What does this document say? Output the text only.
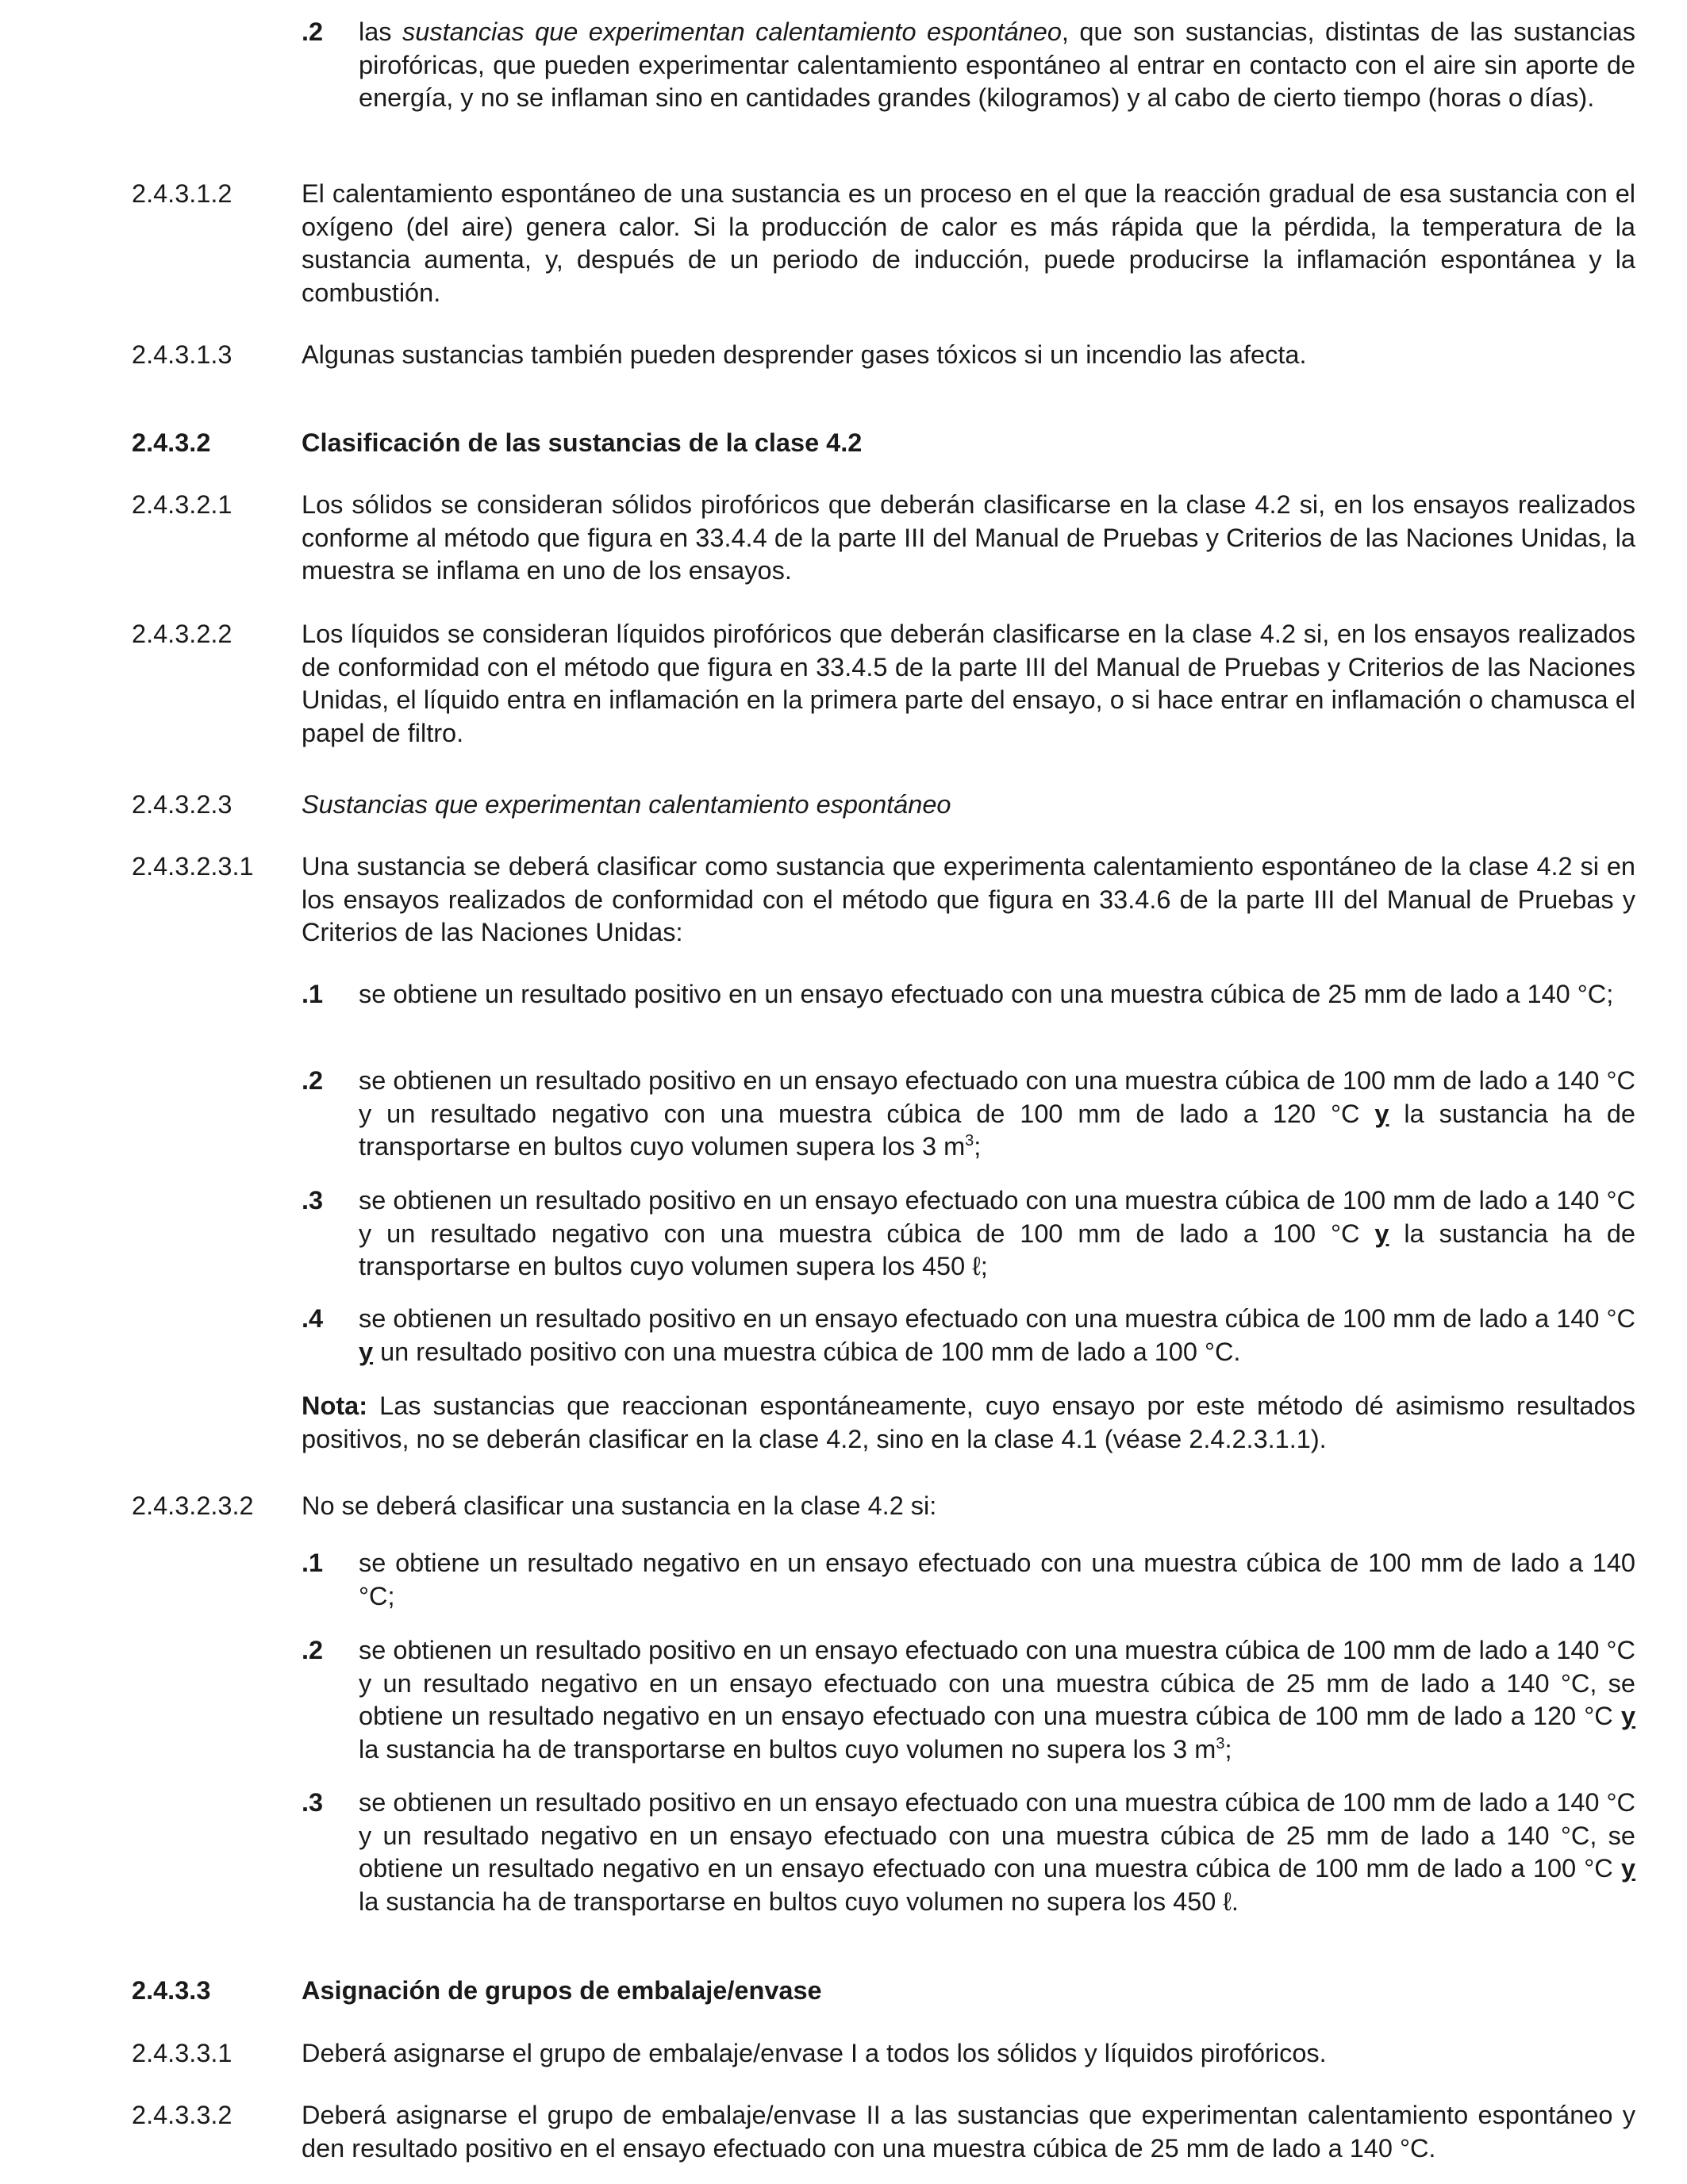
.2 las sustancias que experimentan calentamiento espontáneo, que son sustancias, distintas de las sustancias pirofóricas, que pueden experimentar calentamiento espontáneo al entrar en contacto con el aire sin aporte de energía, y no se inflaman sino en cantidades grandes (kilogramos) y al cabo de cierto tiempo (horas o días).
2.4.3.1.2	El calentamiento espontáneo de una sustancia es un proceso en el que la reacción gradual de esa sustancia con el oxígeno (del aire) genera calor. Si la producción de calor es más rápida que la pérdida, la temperatura de la sustancia aumenta, y, después de un periodo de inducción, puede producirse la inflamación espontánea y la combustión.
2.4.3.1.3	Algunas sustancias también pueden desprender gases tóxicos si un incendio las afecta.
2.4.3.2	Clasificación de las sustancias de la clase 4.2
2.4.3.2.1	Los sólidos se consideran sólidos pirofóricos que deberán clasificarse en la clase 4.2 si, en los ensayos realizados conforme al método que figura en 33.4.4 de la parte III del Manual de Pruebas y Criterios de las Naciones Unidas, la muestra se inflama en uno de los ensayos.
2.4.3.2.2	Los líquidos se consideran líquidos pirofóricos que deberán clasificarse en la clase 4.2 si, en los ensayos realizados de conformidad con el método que figura en 33.4.5 de la parte III del Manual de Pruebas y Criterios de las Naciones Unidas, el líquido entra en inflamación en la primera parte del ensayo, o si hace entrar en inflamación o chamusca el papel de filtro.
2.4.3.2.3	Sustancias que experimentan calentamiento espontáneo
2.4.3.2.3.1 Una sustancia se deberá clasificar como sustancia que experimenta calentamiento espontáneo de la clase 4.2 si en los ensayos realizados de conformidad con el método que figura en 33.4.6 de la parte III del Manual de Pruebas y Criterios de las Naciones Unidas:
.1 se obtiene un resultado positivo en un ensayo efectuado con una muestra cúbica de 25 mm de lado a 140 °C;
.2 se obtienen un resultado positivo en un ensayo efectuado con una muestra cúbica de 100 mm de lado a 140 °C y un resultado negativo con una muestra cúbica de 100 mm de lado a 120 °C y la sustancia ha de transportarse en bultos cuyo volumen supera los 3 $m^3$;
.3 se obtienen un resultado positivo en un ensayo efectuado con una muestra cúbica de 100 mm de lado a 140 °C y un resultado negativo con una muestra cúbica de 100 mm de lado a 100 °C y la sustancia ha de transportarse en bultos cuyo volumen supera los 450 ℓ;
.4 se obtienen un resultado positivo en un ensayo efectuado con una muestra cúbica de 100 mm de lado a 140 °C y un resultado positivo con una muestra cúbica de 100 mm de lado a 100 °C.
Nota: Las sustancias que reaccionan espontáneamente, cuyo ensayo por este método dé asimismo resultados positivos, no se deberán clasificar en la clase 4.2, sino en la clase 4.1 (véase 2.4.2.3.1.1).
2.4.3.2.3.2 No se deberá clasificar una sustancia en la clase 4.2 si:
.1 se obtiene un resultado negativo en un ensayo efectuado con una muestra cúbica de 100 mm de lado a 140 °C;
.2 se obtienen un resultado positivo en un ensayo efectuado con una muestra cúbica de 100 mm de lado a 140 °C y un resultado negativo en un ensayo efectuado con una muestra cúbica de 25 mm de lado a 140 °C, se obtiene un resultado negativo en un ensayo efectuado con una muestra cúbica de 100 mm de lado a 120 °C y la sustancia ha de transportarse en bultos cuyo volumen no supera los 3 $m^3$;
.3 se obtienen un resultado positivo en un ensayo efectuado con una muestra cúbica de 100 mm de lado a 140 °C y un resultado negativo en un ensayo efectuado con una muestra cúbica de 25 mm de lado a 140 °C, se obtiene un resultado negativo en un ensayo efectuado con una muestra cúbica de 100 mm de lado a 100 °C y la sustancia ha de transportarse en bultos cuyo volumen no supera los 450 ℓ.
2.4.3.3	Asignación de grupos de embalaje/envase
2.4.3.3.1	Deberá asignarse el grupo de embalaje/envase I a todos los sólidos y líquidos pirofóricos.
2.4.3.3.2	Deberá asignarse el grupo de embalaje/envase II a las sustancias que experimentan calentamiento espontáneo y den resultado positivo en el ensayo efectuado con una muestra cúbica de 25 mm de lado a 140 °C.
